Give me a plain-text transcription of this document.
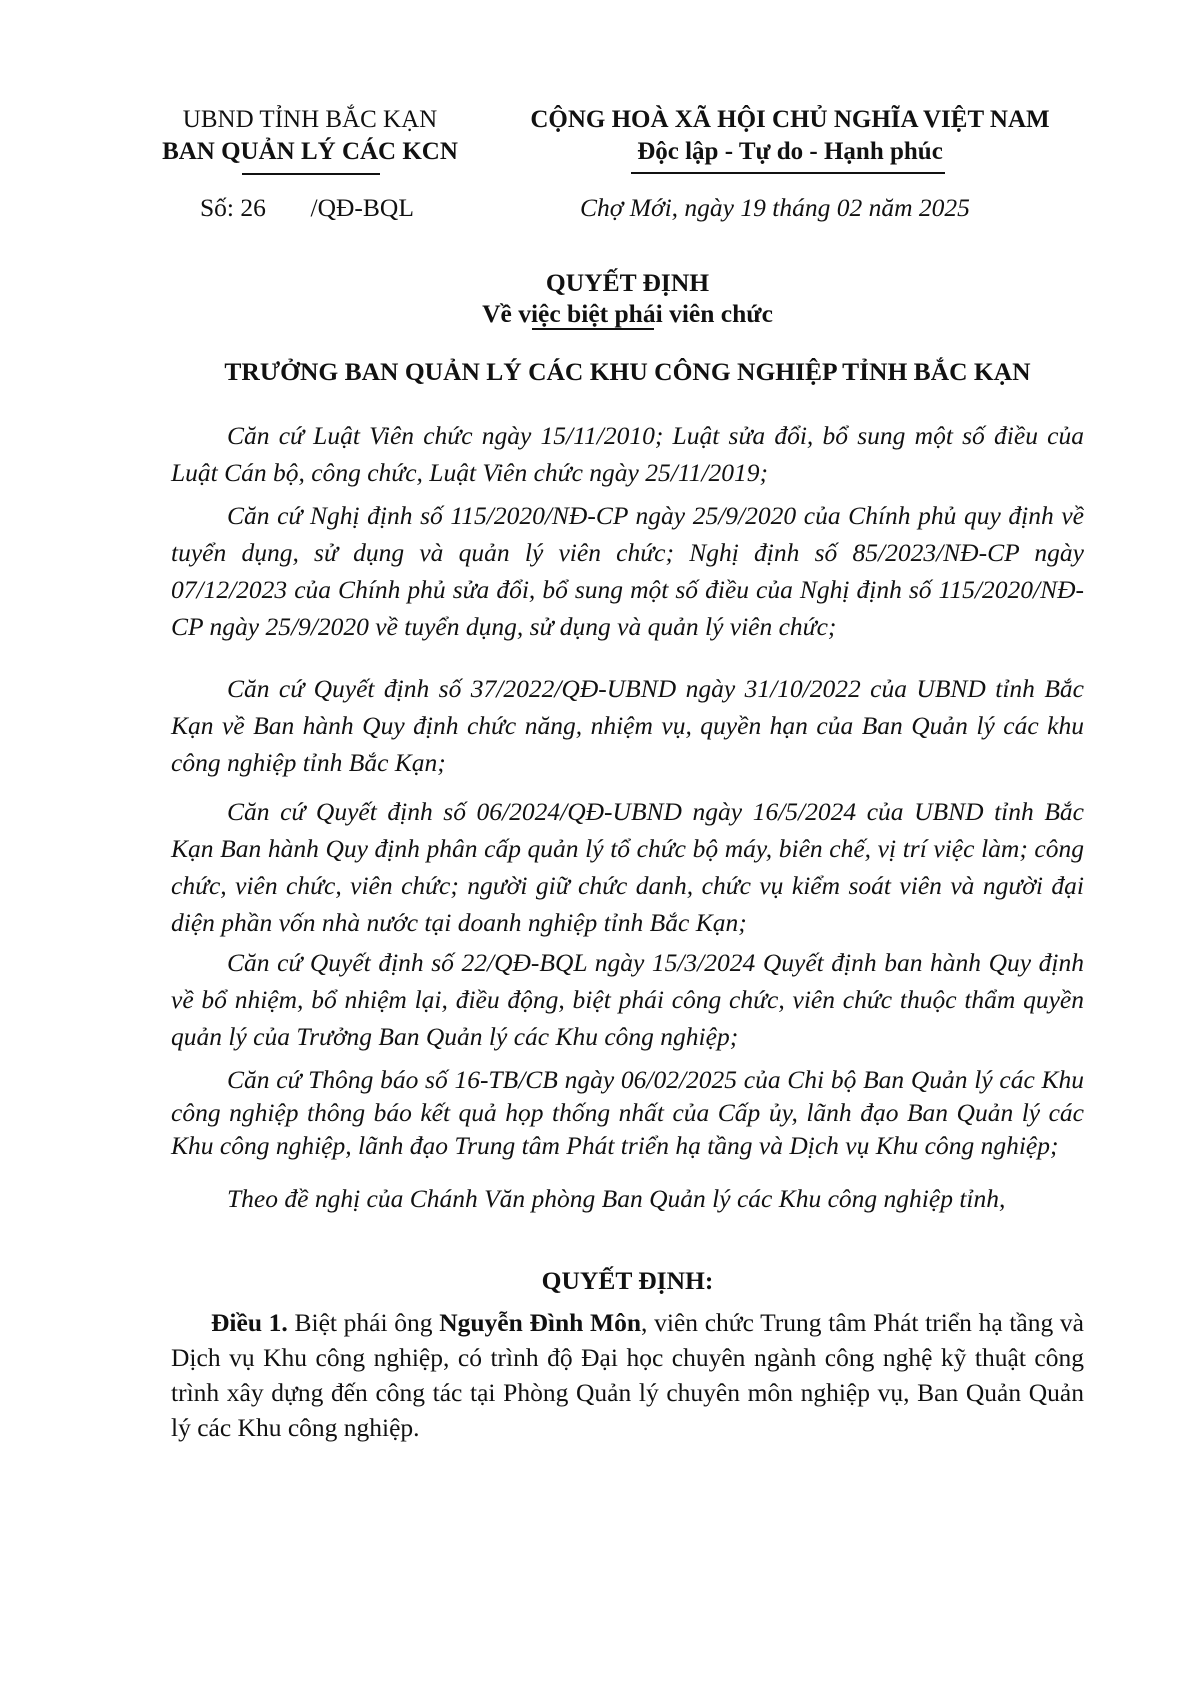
UBND TỈNH BẮC KẠN
BAN QUẢN LÝ CÁC KCN
CỘNG HOÀ XÃ HỘI CHỦ NGHĨA VIỆT NAM
Độc lập - Tự do - Hạnh phúc
Số: 26       /QĐ-BQL	Chợ Mới, ngày 19 tháng 02 năm 2025
QUYẾT ĐỊNH
Về việc biệt phái viên chức
TRƯỞNG BAN QUẢN LÝ CÁC KHU CÔNG NGHIỆP TỈNH BẮC KẠN
Căn cứ Luật Viên chức ngày 15/11/2010; Luật sửa đổi, bổ sung một số điều của Luật Cán bộ, công chức, Luật Viên chức ngày 25/11/2019;
Căn cứ Nghị định số 115/2020/NĐ-CP ngày 25/9/2020 của Chính phủ quy định về tuyển dụng, sử dụng và quản lý viên chức; Nghị định số 85/2023/NĐ-CP ngày 07/12/2023 của Chính phủ sửa đổi, bổ sung một số điều của Nghị định số 115/2020/NĐ-CP ngày 25/9/2020 về tuyển dụng, sử dụng và quản lý viên chức;
Căn cứ Quyết định số 37/2022/QĐ-UBND ngày 31/10/2022 của UBND tỉnh Bắc Kạn về Ban hành Quy định chức năng, nhiệm vụ, quyền hạn của Ban Quản lý các khu công nghiệp tỉnh Bắc Kạn;
Căn cứ Quyết định số 06/2024/QĐ-UBND ngày 16/5/2024 của UBND tỉnh Bắc Kạn Ban hành Quy định phân cấp quản lý tổ chức bộ máy, biên chế, vị trí việc làm; công chức, viên chức, viên chức; người giữ chức danh, chức vụ kiểm soát viên và người đại diện phần vốn nhà nước tại doanh nghiệp tỉnh Bắc Kạn;
Căn cứ Quyết định số 22/QĐ-BQL ngày 15/3/2024 Quyết định ban hành Quy định về bổ nhiệm, bổ nhiệm lại, điều động, biệt phái công chức, viên chức thuộc thẩm quyền quản lý của Trưởng Ban Quản lý các Khu công nghiệp;
Căn cứ Thông báo số 16-TB/CB ngày 06/02/2025 của Chi bộ Ban Quản lý các Khu công nghiệp thông báo kết quả họp thống nhất của Cấp ủy, lãnh đạo Ban Quản lý các Khu công nghiệp, lãnh đạo Trung tâm Phát triển hạ tầng và Dịch vụ Khu công nghiệp;
Theo đề nghị của Chánh Văn phòng Ban Quản lý các Khu công nghiệp tỉnh,
QUYẾT ĐỊNH:
Điều 1. Biệt phái ông Nguyễn Đình Môn, viên chức Trung tâm Phát triển hạ tầng và Dịch vụ Khu công nghiệp, có trình độ Đại học chuyên ngành công nghệ kỹ thuật công trình xây dựng đến công tác tại Phòng Quản lý chuyên môn nghiệp vụ, Ban Quản Quản lý các Khu công nghiệp.
